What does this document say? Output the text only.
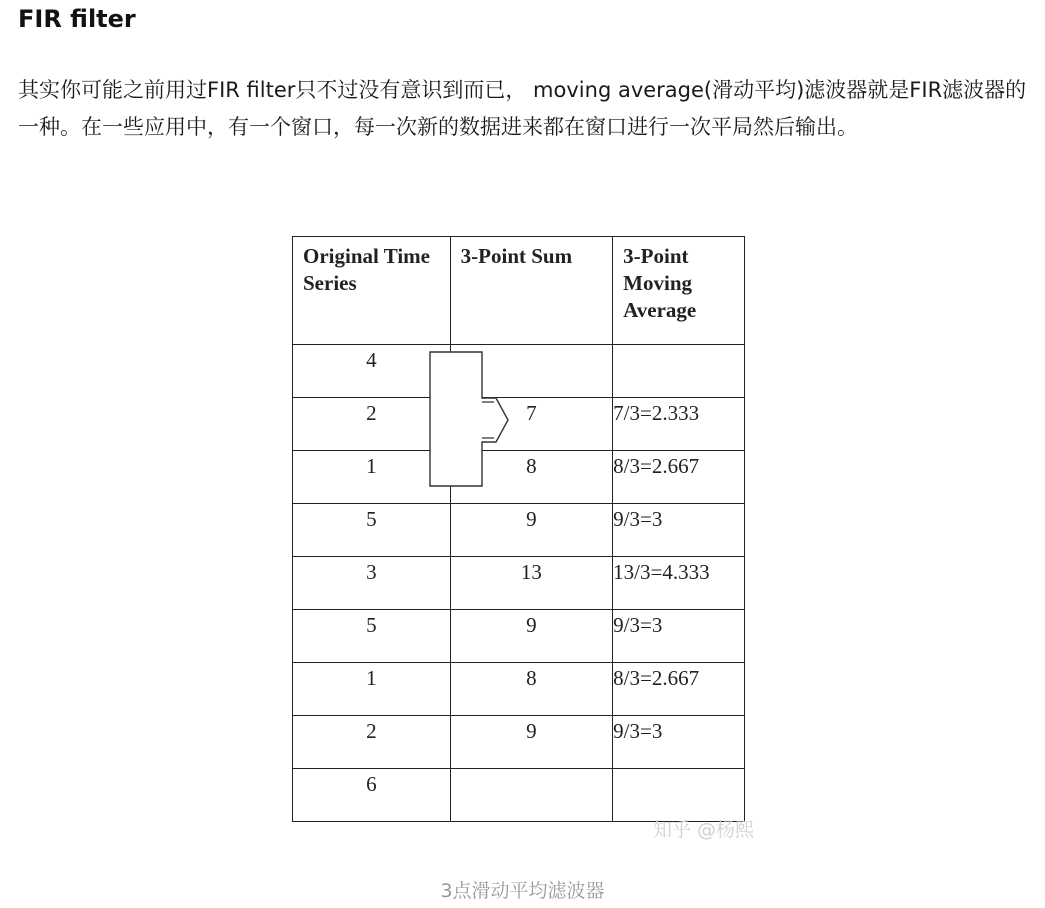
FIR filter

其实你可能之前用过FIR filter只不过没有意识到而已， moving average(滑动平均)滤波器就是FIR滤波器的一种。在一些应用中，有一个窗口，每一次新的数据进来都在窗口进行一次平局然后输出。

Original Time Series	3-Point Sum	3-Point Moving Average
4		
2	7	7/3=2.333
1	8	8/3=2.667
5	9	9/3=3
3	13	13/3=4.333
5	9	9/3=3
1	8	8/3=2.667
2	9	9/3=3
6		
知乎 @杨熙

3点滑动平均滤波器
